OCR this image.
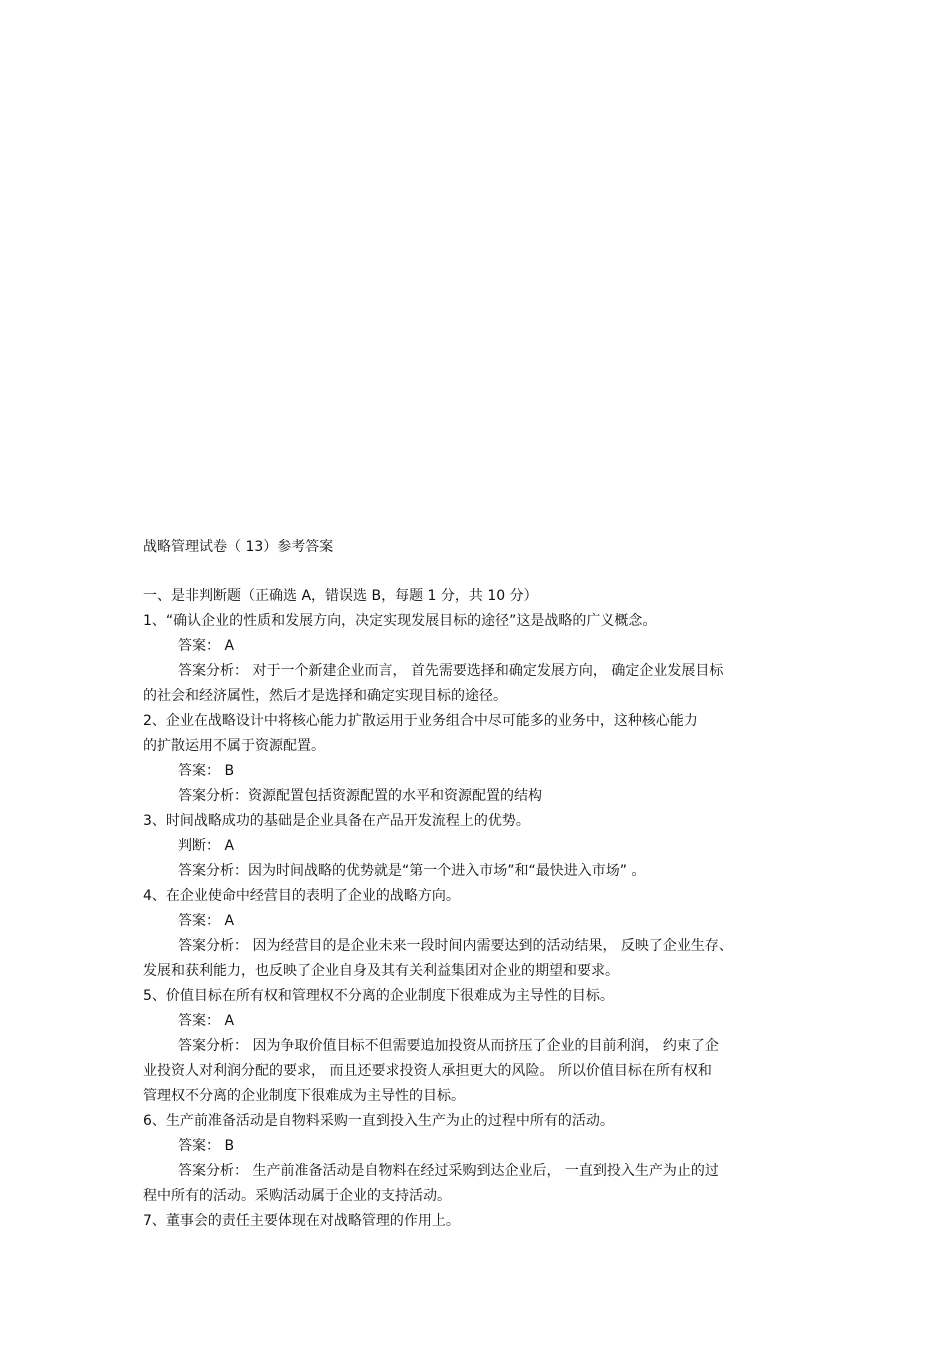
战略管理试卷（ 13）参考答案

一、是非判断题（正确选 A，错误选 B，每题 1 分，共 10 分）

1、“确认企业的性质和发展方向，决定实现发展目标的途径”这是战略的广义概念。

答案： A

答案分析： 对于一个新建企业而言， 首先需要选择和确定发展方向， 确定企业发展目标

的社会和经济属性，然后才是选择和确定实现目标的途径。

2、企业在战略设计中将核心能力扩散运用于业务组合中尽可能多的业务中，这种核心能力

的扩散运用不属于资源配置。

答案： B

答案分析：资源配置包括资源配置的水平和资源配置的结构

3、时间战略成功的基础是企业具备在产品开发流程上的优势。

判断： A

答案分析：因为时间战略的优势就是“第一个进入市场”和“最快进入市场” 。

4、在企业使命中经营目的表明了企业的战略方向。

答案： A

答案分析： 因为经营目的是企业未来一段时间内需要达到的活动结果， 反映了企业生存、

发展和获利能力，也反映了企业自身及其有关利益集团对企业的期望和要求。

5、价值目标在所有权和管理权不分离的企业制度下很难成为主导性的目标。

答案： A

答案分析： 因为争取价值目标不但需要追加投资从而挤压了企业的目前利润， 约束了企

业投资人对利润分配的要求， 而且还要求投资人承担更大的风险。 所以价值目标在所有权和

管理权不分离的企业制度下很难成为主导性的目标。

6、生产前准备活动是自物料采购一直到投入生产为止的过程中所有的活动。

答案： B

答案分析： 生产前准备活动是自物料在经过采购到达企业后， 一直到投入生产为止的过

程中所有的活动。采购活动属于企业的支持活动。

7、董事会的责任主要体现在对战略管理的作用上。
